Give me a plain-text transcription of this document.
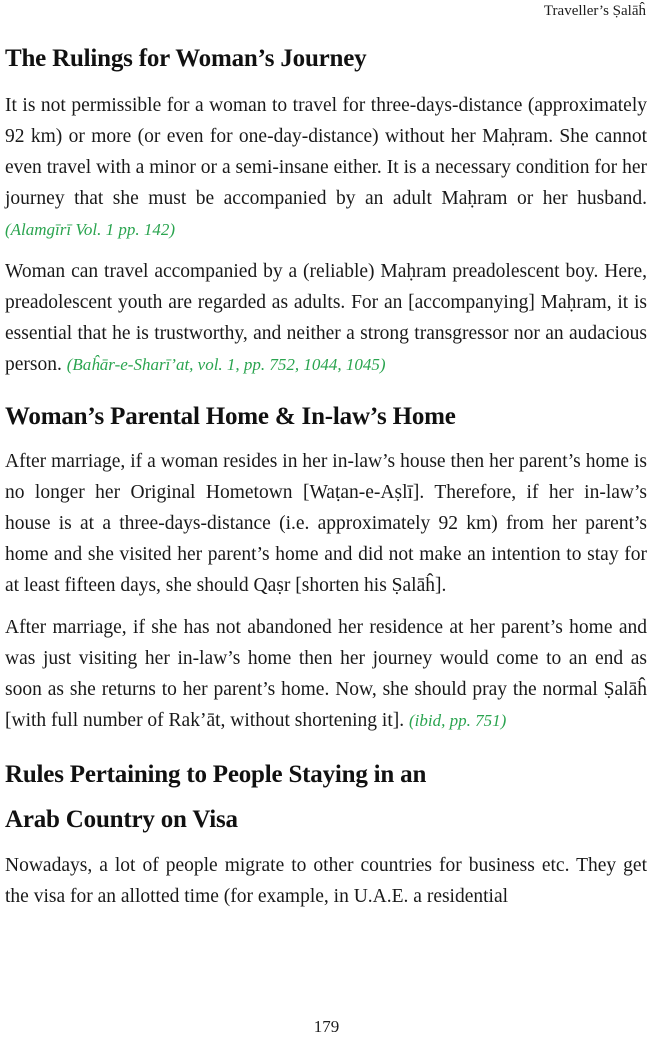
Traveller’s Ṣalāĥ
The Rulings for Woman’s Journey

It is not permissible for a woman to travel for three-days-distance (approximately 92 km) or more (or even for one-day-distance) without her Maḥram. She cannot even travel with a minor or a semi-insane either. It is a necessary condition for her journey that she must be accompanied by an adult Maḥram or her husband. (Alamgīrī Vol. 1 pp. 142)

Woman can travel accompanied by a (reliable) Maḥram preadolescent boy. Here, preadolescent youth are regarded as adults. For an [accompanying] Maḥram, it is essential that he is trustworthy, and neither a strong transgressor nor an audacious person. (Baĥār-e-Sharī’at, vol. 1, pp. 752, 1044, 1045)

Woman’s Parental Home & In-law’s Home

After marriage, if a woman resides in her in-law’s house then her parent’s home is no longer her Original Hometown [Waṭan-e-Aṣlī]. Therefore, if her in-law’s house is at a three-days-distance (i.e. approximately 92 km) from her parent’s home and she visited her parent’s home and did not make an intention to stay for at least fifteen days, she should Qaṣr [shorten his Ṣalāĥ].

After marriage, if she has not abandoned her residence at her parent’s home and was just visiting her in-law’s home then her journey would come to an end as soon as she returns to her parent’s home. Now, she should pray the normal Ṣalāĥ [with full number of Rak’āt, without shortening it]. (ibid, pp. 751)

Rules Pertaining to People Staying in an
Arab Country on Visa

Nowadays, a lot of people migrate to other countries for business etc. They get the visa for an allotted time (for example, in U.A.E. a residential

179
